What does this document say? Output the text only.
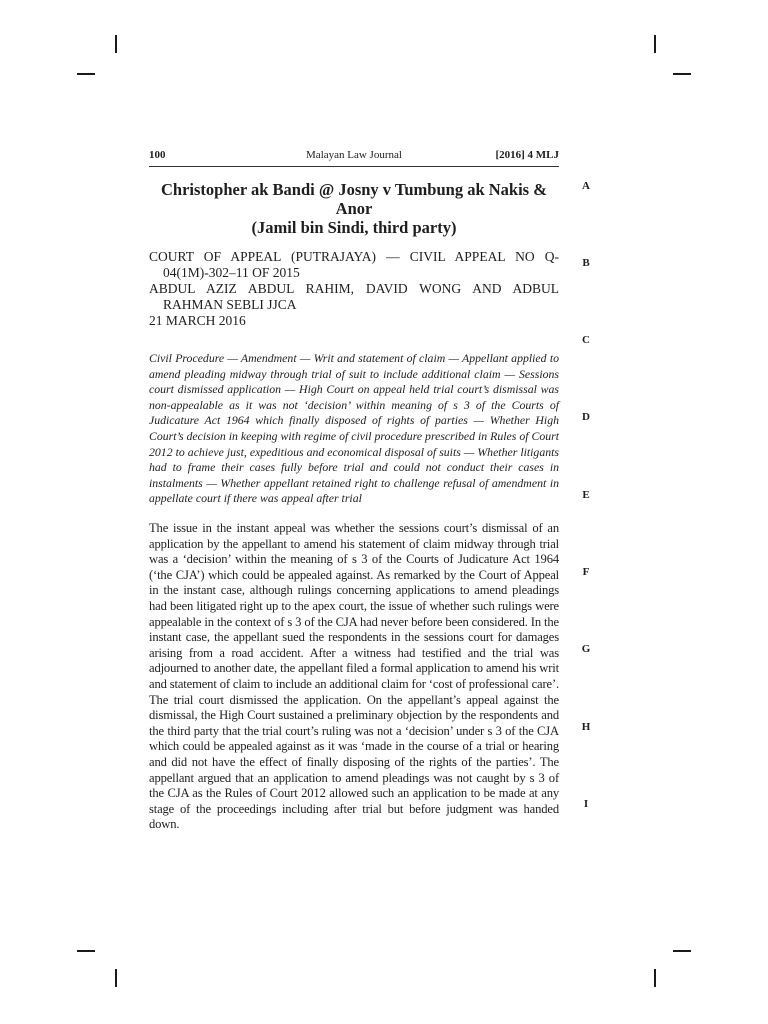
100	Malayan Law Journal	[2016] 4 MLJ
Christopher ak Bandi @ Josny v Tumbung ak Nakis & Anor
(Jamil bin Sindi, third party)
COURT OF APPEAL (PUTRAJAYA) — CIVIL APPEAL NO Q-04(1M)-302–11 OF 2015
ABDUL AZIZ ABDUL RAHIM, DAVID WONG AND ADBUL RAHMAN SEBLI JJCA
21 MARCH 2016
Civil Procedure — Amendment — Writ and statement of claim — Appellant applied to amend pleading midway through trial of suit to include additional claim — Sessions court dismissed application — High Court on appeal held trial court’s dismissal was non-appealable as it was not ‘decision’ within meaning of s 3 of the Courts of Judicature Act 1964 which finally disposed of rights of parties — Whether High Court’s decision in keeping with regime of civil procedure prescribed in Rules of Court 2012 to achieve just, expeditious and economical disposal of suits — Whether litigants had to frame their cases fully before trial and could not conduct their cases in instalments — Whether appellant retained right to challenge refusal of amendment in appellate court if there was appeal after trial
The issue in the instant appeal was whether the sessions court’s dismissal of an application by the appellant to amend his statement of claim midway through trial was a ‘decision’ within the meaning of s 3 of the Courts of Judicature Act 1964 (‘the CJA’) which could be appealed against. As remarked by the Court of Appeal in the instant case, although rulings concerning applications to amend pleadings had been litigated right up to the apex court, the issue of whether such rulings were appealable in the context of s 3 of the CJA had never before been considered. In the instant case, the appellant sued the respondents in the sessions court for damages arising from a road accident. After a witness had testified and the trial was adjourned to another date, the appellant filed a formal application to amend his writ and statement of claim to include an additional claim for ‘cost of professional care’. The trial court dismissed the application. On the appellant’s appeal against the dismissal, the High Court sustained a preliminary objection by the respondents and the third party that the trial court’s ruling was not a ‘decision’ under s 3 of the CJA which could be appealed against as it was ‘made in the course of a trial or hearing and did not have the effect of finally disposing of the rights of the parties’. The appellant argued that an application to amend pleadings was not caught by s 3 of the CJA as the Rules of Court 2012 allowed such an application to be made at any stage of the proceedings including after trial but before judgment was handed down.
A
B
C
D
E
F
G
H
I
